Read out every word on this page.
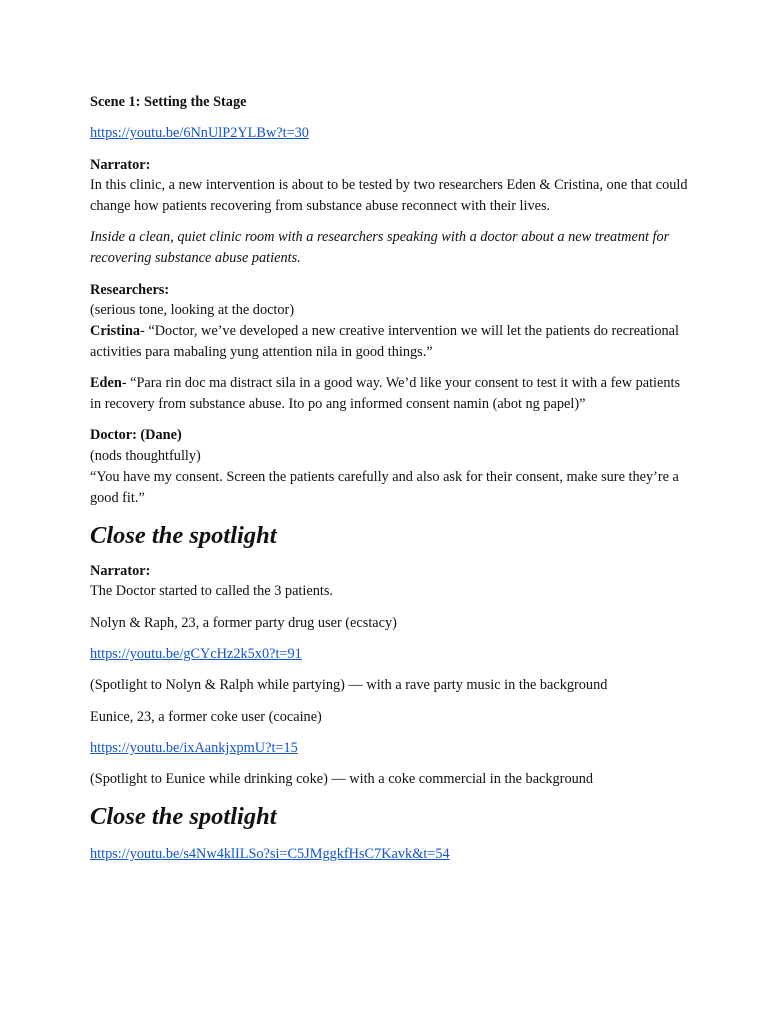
Scene 1: Setting the Stage

https://youtu.be/6NnUlP2YLBw?t=30

Narrator:

In this clinic, a new intervention is about to be tested by two researchers Eden & Cristina, one that could change how patients recovering from substance abuse reconnect with their lives.

Inside a clean, quiet clinic room with a researchers speaking with a doctor about a new treatment for recovering substance abuse patients.

Researchers:

(serious tone, looking at the doctor)

Cristina- “Doctor, we’ve developed a new creative intervention we will let the patients do recreational activities para mabaling yung attention nila in good things.”

Eden- “Para rin doc ma distract sila in a good way. We’d like your consent to test it with a few patients in recovery from substance abuse. Ito po ang informed consent namin (abot ng papel)”

Doctor: (Dane)

(nods thoughtfully)

“You have my consent. Screen the patients carefully and also ask for their consent, make sure they’re a good fit.”

Close the spotlight

Narrator:

The Doctor started to called the 3 patients.

Nolyn & Raph, 23, a former party drug user (ecstacy)

https://youtu.be/gCYcHz2k5x0?t=91

(Spotlight to Nolyn & Ralph while partying) — with a rave party music in the background

Eunice, 23, a former coke user (cocaine)

https://youtu.be/ixAankjxpmU?t=15

(Spotlight to Eunice while drinking coke) — with a coke commercial in the background

Close the spotlight

https://youtu.be/s4Nw4klILSo?si=C5JMggkfHsC7Kavk&t=54
